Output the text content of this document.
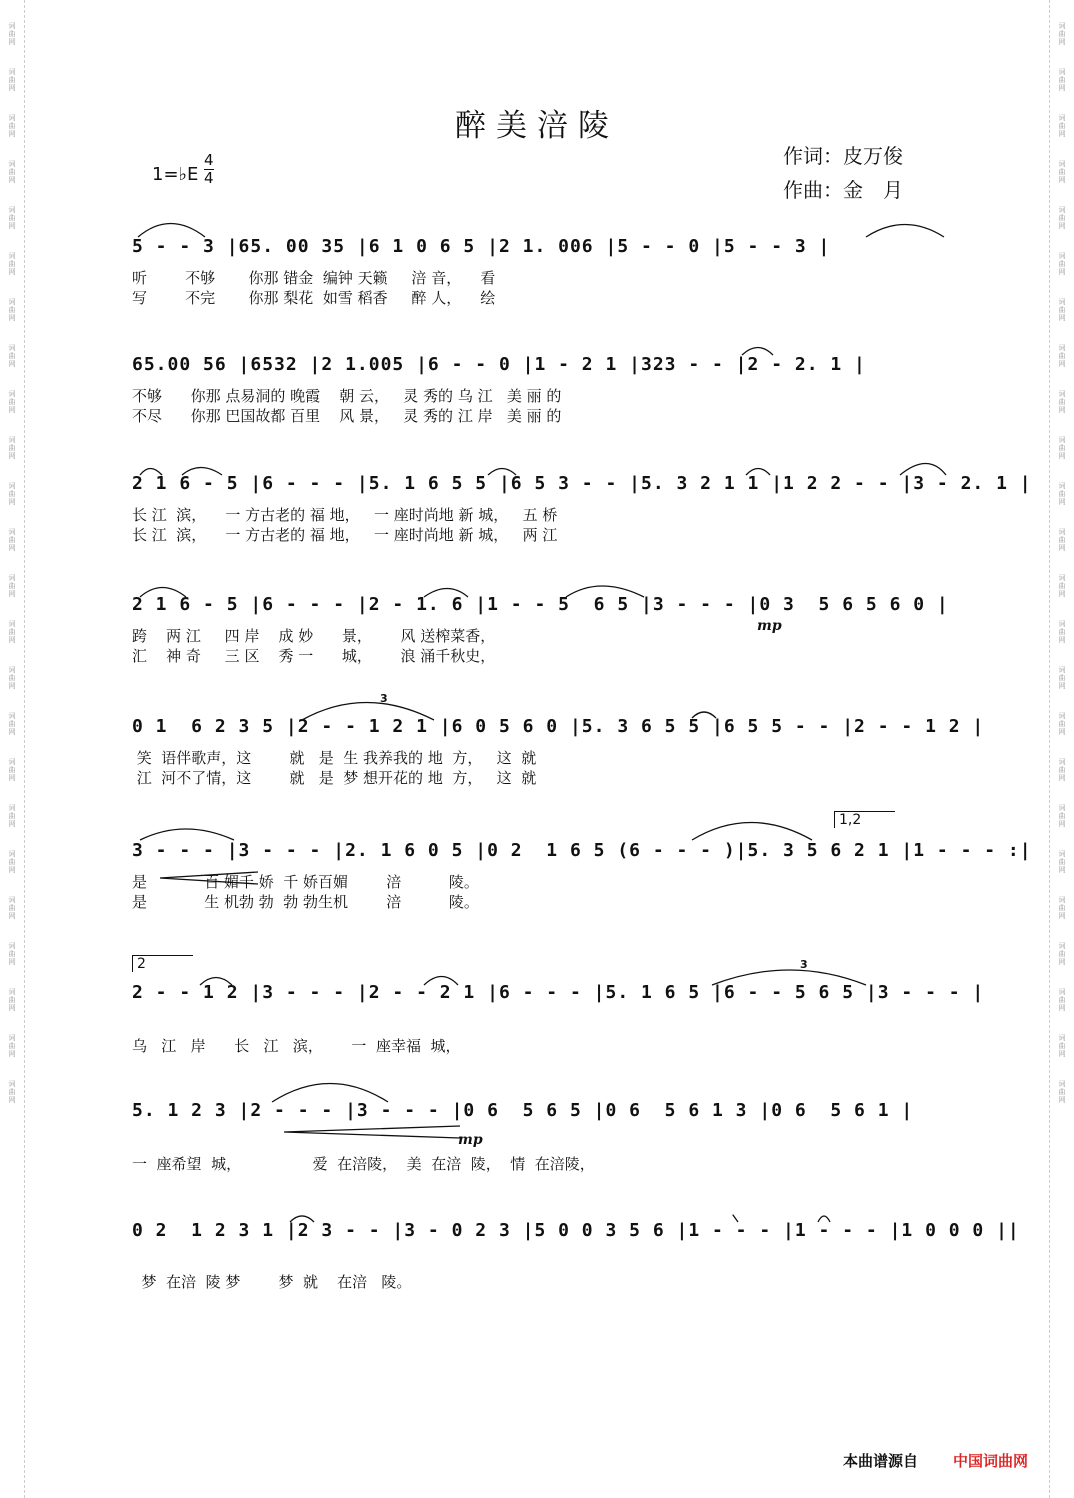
词曲网
词曲网
词曲网
词曲网
词曲网
词曲网
词曲网
词曲网
词曲网
词曲网
词曲网
词曲网
词曲网
词曲网
词曲网
词曲网
词曲网
词曲网
词曲网
词曲网
词曲网
词曲网
词曲网
词曲网
词曲网
词曲网
词曲网
词曲网
词曲网
词曲网
词曲网
词曲网
词曲网
词曲网
词曲网
词曲网
词曲网
词曲网
词曲网
词曲网
词曲网
词曲网
词曲网
词曲网
词曲网
词曲网
词曲网
词曲网
醉美涪陵
1=♭E
4
4
作词：皮万俊
作曲：金　月
5 - - 3 |65. 00 35 |6 1 0 6 5 |2 1. 006 |5 - - 0 |5 - - 3 |
听        不够       你那 错金  编钟 天籁     涪 音，    看
写        不完       你那 梨花  如雪 稻香     醉 人，    绘
65.00 56 |6532 |2 1.005 |6 - - 0 |1 - 2 1 |323 - - |2 - 2. 1 |
不够      你那 点易洞的 晚霞    朝 云，   灵 秀的 乌 江   美 丽 的
不尽      你那 巴国故都 百里    风 景，   灵 秀的 江 岸   美 丽 的
2 1 6 - 5 |6 - - - |5. 1 6 5 5 |6 5 3 - - |5. 3 2 1 1 |1 2 2 - - |3 - 2. 1 |
长 江  滨，    一 方古老的 福 地，   一 座时尚地 新 城，   五 桥
长 江  滨，    一 方古老的 福 地，   一 座时尚地 新 城，   两 江
2 1 6 - 5 |6 - - - |2 - 1. 6 |1 - - 5  6 5 |3 - - - |0 3  5 6 5 6 0 |
跨    两 江     四 岸    成 妙      景，      风 送榨菜香，
汇    神 奇     三 区    秀 一      城，      浪 涌千秋史，
0 1  6 2 3 5 |2 - - 1 2 1 |6 0 5 6 0 |5. 3 6 5 5 |6 5 5 - - |2 - - 1 2 |
笑  语伴歌声，这        就   是  生 我养我的 地  方，   这  就
江  河不了情，这        就   是  梦 想开花的 地  方，   这  就
3 - - - |3 - - - |2. 1 6 0 5 |0 2  1 6 5 (6 - - - )|5. 3 5 6 2 1 |1 - - - :|
是            百 媚千 娇  千 娇百媚        涪          陵。
是            生 机勃 勃  勃 勃生机        涪          陵。
2 - - 1 2 |3 - - - |2 - - 2 1 |6 - - - |5. 1 6 5 |6 - - 5 6 5 |3 - - - |
乌   江   岸      长   江   滨，      一  座幸福  城，
5. 1 2 3 |2 - - - |3 - - - |0 6  5 6 5 |0 6  5 6 1 3 |0 6  5 6 1 |
一  座希望  城，               爱  在涪陵，  美  在涪  陵，  情  在涪陵，
0 2  1 2 3 1 |2 3 - - |3 - 0 2 3 |5 0 0 3 5 6 |1 - - - |1 - - - |1 0 0 0 ||
梦  在涪  陵 梦        梦  就    在涪   陵。
mp
mp
1,2
2
3
3
本曲谱源自 中国词曲网
